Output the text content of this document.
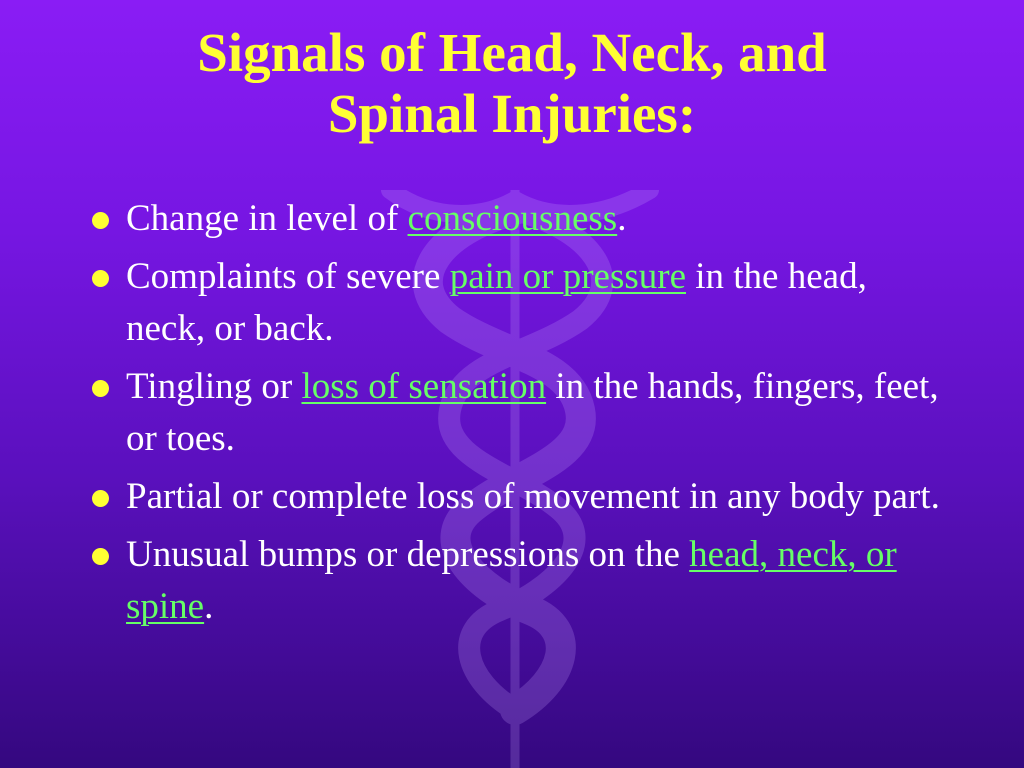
Signals of Head, Neck, and
Spinal Injuries:
Change in level of consciousness.
Complaints of severe pain or pressure in the head, neck, or back.
Tingling or loss of sensation in the hands, fingers, feet, or toes.
Partial or complete loss of movement in any body part.
Unusual bumps or depressions on the head, neck, or spine.
